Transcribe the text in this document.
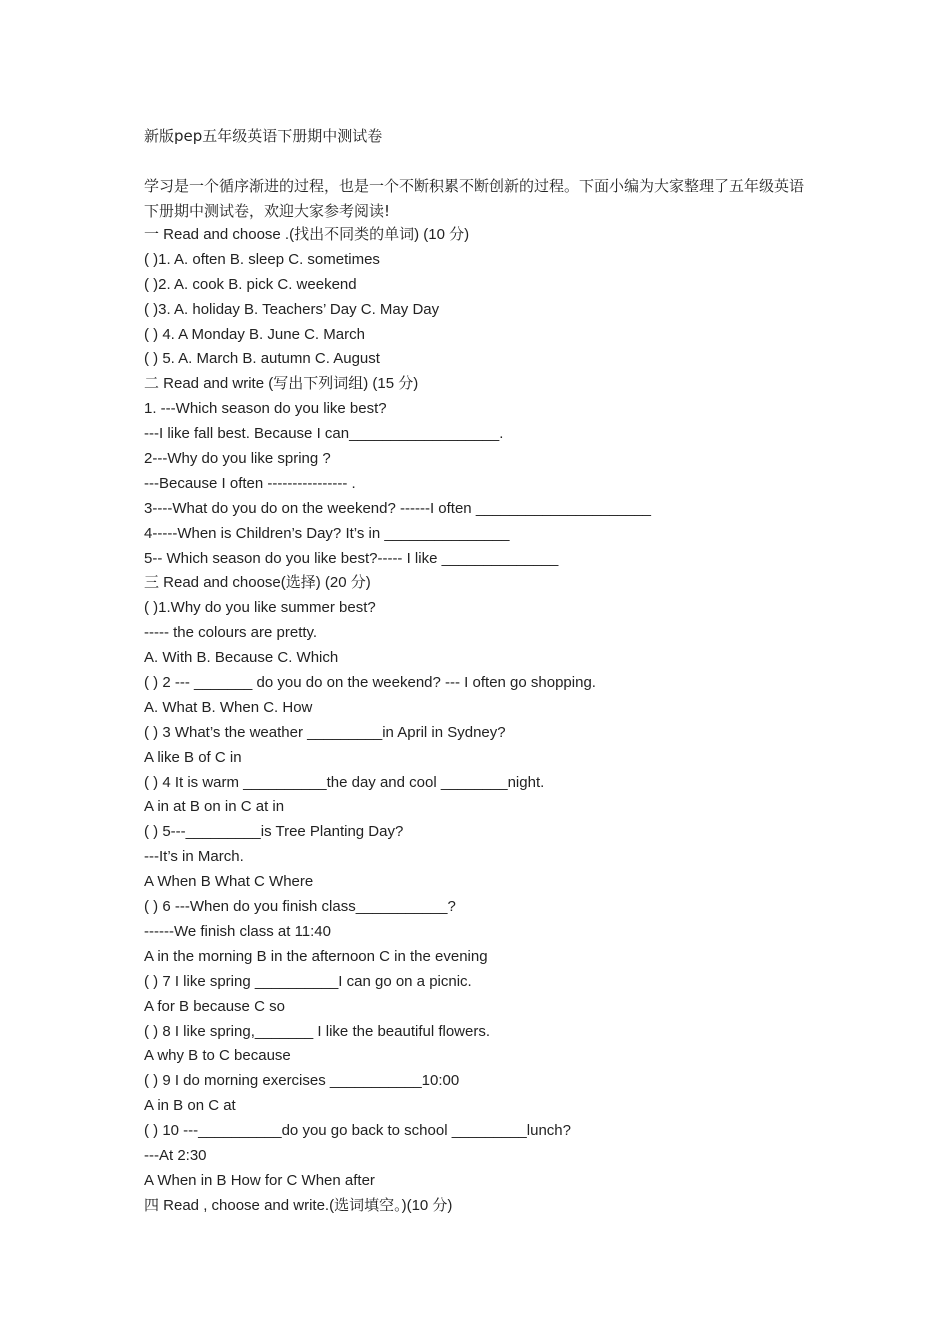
新版pep五年级英语下册期中测试卷
学习是一个循序渐进的过程，也是一个不断积累不断创新的过程。下面小编为大家整理了五年级英语下册期中测试卷，欢迎大家参考阅读!
一 Read and choose .(找出不同类的单词) (10 分)
( )1. A. often B. sleep C. sometimes
( )2. A. cook B. pick C. weekend
( )3. A. holiday B. Teachers’ Day C. May Day
( ) 4. A Monday B. June C. March
( ) 5. A. March B. autumn C. August
二 Read and write (写出下列词组) (15 分)
1. ---Which season do you like best?
---I like fall best. Because I can__________________.
2---Why do you like spring ?
---Because I often ---------------- .
3----What do you do on the weekend? ------I often _____________________
4-----When is Children’s Day? It’s in _______________
5-- Which season do you like best?----- I like ______________
三 Read and choose(选择) (20 分)
( )1.Why do you like summer best?
----- the colours are pretty.
A. With B. Because C. Which
( ) 2 --- _______ do you do on the weekend? --- I often go shopping.
A. What B. When C. How
( ) 3 What’s the weather _________in April in Sydney?
A like B of C in
( ) 4 It is warm __________the day and cool ________night.
A in at B on in C at in
( ) 5---_________is Tree Planting Day?
---It’s in March.
A When B What C Where
( ) 6 ---When do you finish class___________?
------We finish class at 11:40
A in the morning B in the afternoon C in the evening
( ) 7 I like spring __________I can go on a picnic.
A for B because C so
( ) 8 I like spring,_______ I like the beautiful flowers.
A why B to C because
( ) 9 I do morning exercises ___________10:00
A in B on C at
( ) 10 ---__________do you go back to school _________lunch?
---At 2:30
A When in B How for C When after
四 Read , choose and write.(选词填空。)(10 分)
